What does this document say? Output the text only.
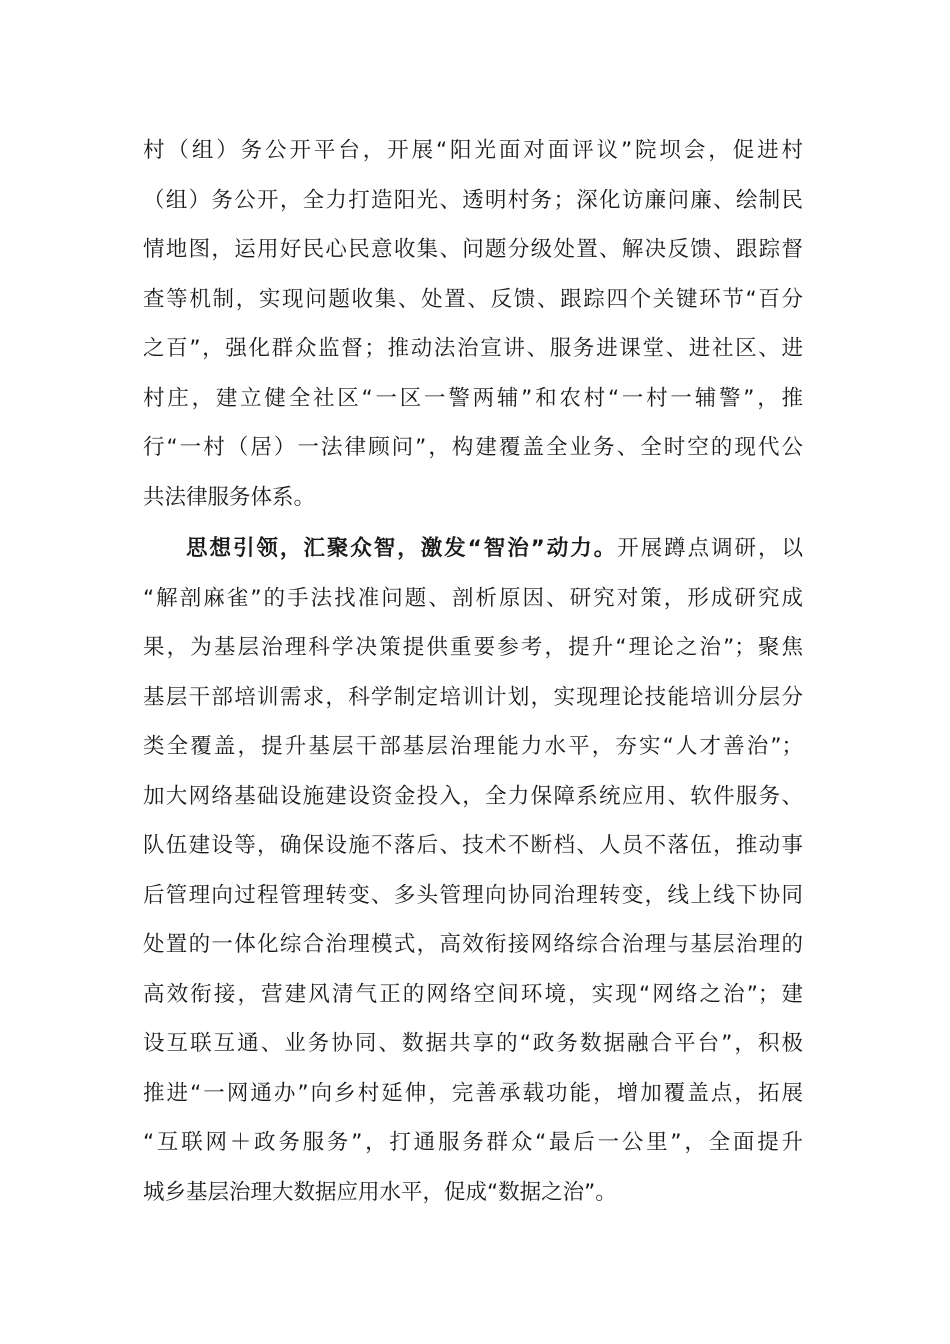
村（组）务公开平台，开展“阳光面对面评议”院坝会，促进村
（组）务公开，全力打造阳光、透明村务；深化访廉问廉、绘制民
情地图，运用好民心民意收集、问题分级处置、解决反馈、跟踪督
查等机制，实现问题收集、处置、反馈、跟踪四个关键环节“百分
之百”，强化群众监督；推动法治宣讲、服务进课堂、进社区、进
村庄，建立健全社区“一区一警两辅”和农村“一村一辅警”，推
行“一村（居）一法律顾问”，构建覆盖全业务、全时空的现代公
共法律服务体系。
思想引领，汇聚众智，激发“智治”动力。开展蹲点调研，以
“解剖麻雀”的手法找准问题、剖析原因、研究对策，形成研究成
果，为基层治理科学决策提供重要参考，提升“理论之治”；聚焦
基层干部培训需求，科学制定培训计划，实现理论技能培训分层分
类全覆盖，提升基层干部基层治理能力水平，夯实“人才善治”；
加大网络基础设施建设资金投入，全力保障系统应用、软件服务、
队伍建设等，确保设施不落后、技术不断档、人员不落伍，推动事
后管理向过程管理转变、多头管理向协同治理转变，线上线下协同
处置的一体化综合治理模式，高效衔接网络综合治理与基层治理的
高效衔接，营建风清气正的网络空间环境，实现“网络之治”；建
设互联互通、业务协同、数据共享的“政务数据融合平台”，积极
推进“一网通办”向乡村延伸，完善承载功能，增加覆盖点，拓展
“互联网＋政务服务”，打通服务群众“最后一公里”，全面提升
城乡基层治理大数据应用水平，促成“数据之治”。
